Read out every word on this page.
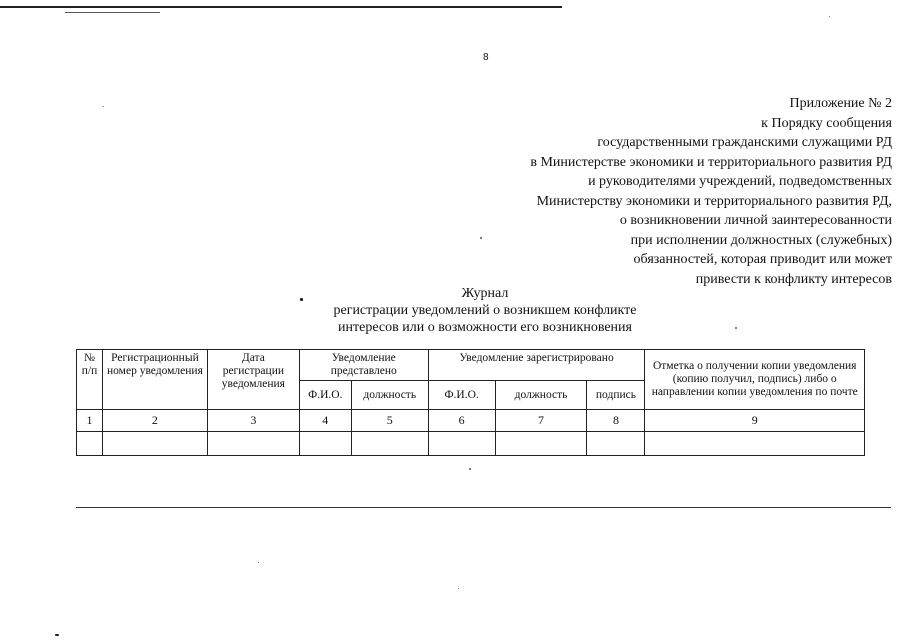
8
Приложение № 2
к Порядку сообщения
государственными гражданскими служащими РД
в Министерстве экономики и территориального развития РД
и руководителями учреждений, подведомственных
Министерству экономики и территориального развития РД,
о возникновении личной заинтересованности
при исполнении должностных (служебных)
обязанностей, которая приводит или может
привести к конфликту интересов
Журнал
регистрации уведомлений о возникшем конфликте
интересов или о возможности его возникновения
№ п/п	Регистрационный номер уведомления	Дата регистрации уведомления	Уведомление представлено		Уведомление зарегистрировано			Отметка о получении копии уведомления (копию получил, подпись) либо о направлении копии уведомления по почте
			Ф.И.О.	должность	Ф.И.О.	должность	подпись	
1	2	3	4	5	6	7	8	9
